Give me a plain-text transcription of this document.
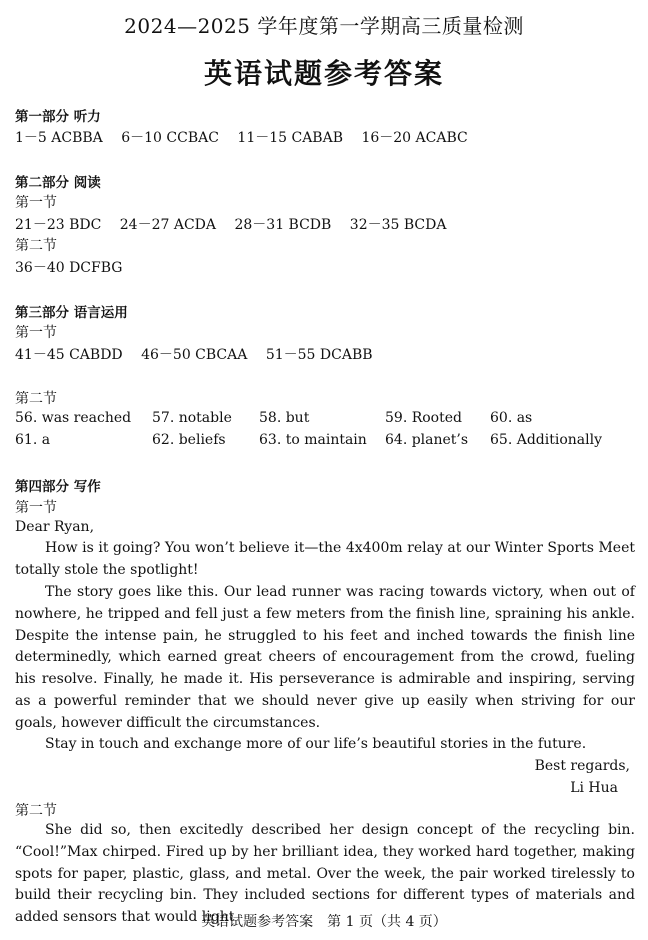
2024—2025 学年度第一学期高三质量检测
英语试题参考答案
第一部分 听力
1－5 ACBBA 6－10 CCBAC 11－15 CABAB 16－20 ACABC
第二部分 阅读
第一节
21－23 BDC 24－27 ACDA 28－31 BCDB 32－35 BCDA
第二节
36－40 DCFBG
第三部分 语言运用
第一节
41－45 CABDD 46－50 CBCAA 51－55 DCABB
第二节
56. was reached 57. notable 58. but	59. Rooted 60. as
61. a	62. beliefs 63. to maintain 64. planet’s 65. Additionally
第四部分 写作
第一节
Dear Ryan,
How is it going? You won’t believe it—the 4x400m relay at our Winter Sports Meet totally stole the spotlight!
The story goes like this. Our lead runner was racing towards victory, when out of nowhere, he tripped and fell just a few meters from the finish line, spraining his ankle. Despite the intense pain, he struggled to his feet and inched towards the finish line determinedly, which earned great cheers of encouragement from the crowd, fueling his resolve. Finally, he made it. His perseverance is admirable and inspiring, serving as a powerful reminder that we should never give up easily when striving for our goals, however difficult the circumstances.
Stay in touch and exchange more of our life’s beautiful stories in the future.
Best regards,
Li Hua
第二节
She did so, then excitedly described her design concept of the recycling bin. “Cool!”Max chirped. Fired up by her brilliant idea, they worked hard together, making spots for paper, plastic, glass, and metal. Over the week, the pair worked tirelessly to build their recycling bin. They included sections for different types of materials and added sensors that would light
英语试题参考答案　第 1 页（共 4 页）
